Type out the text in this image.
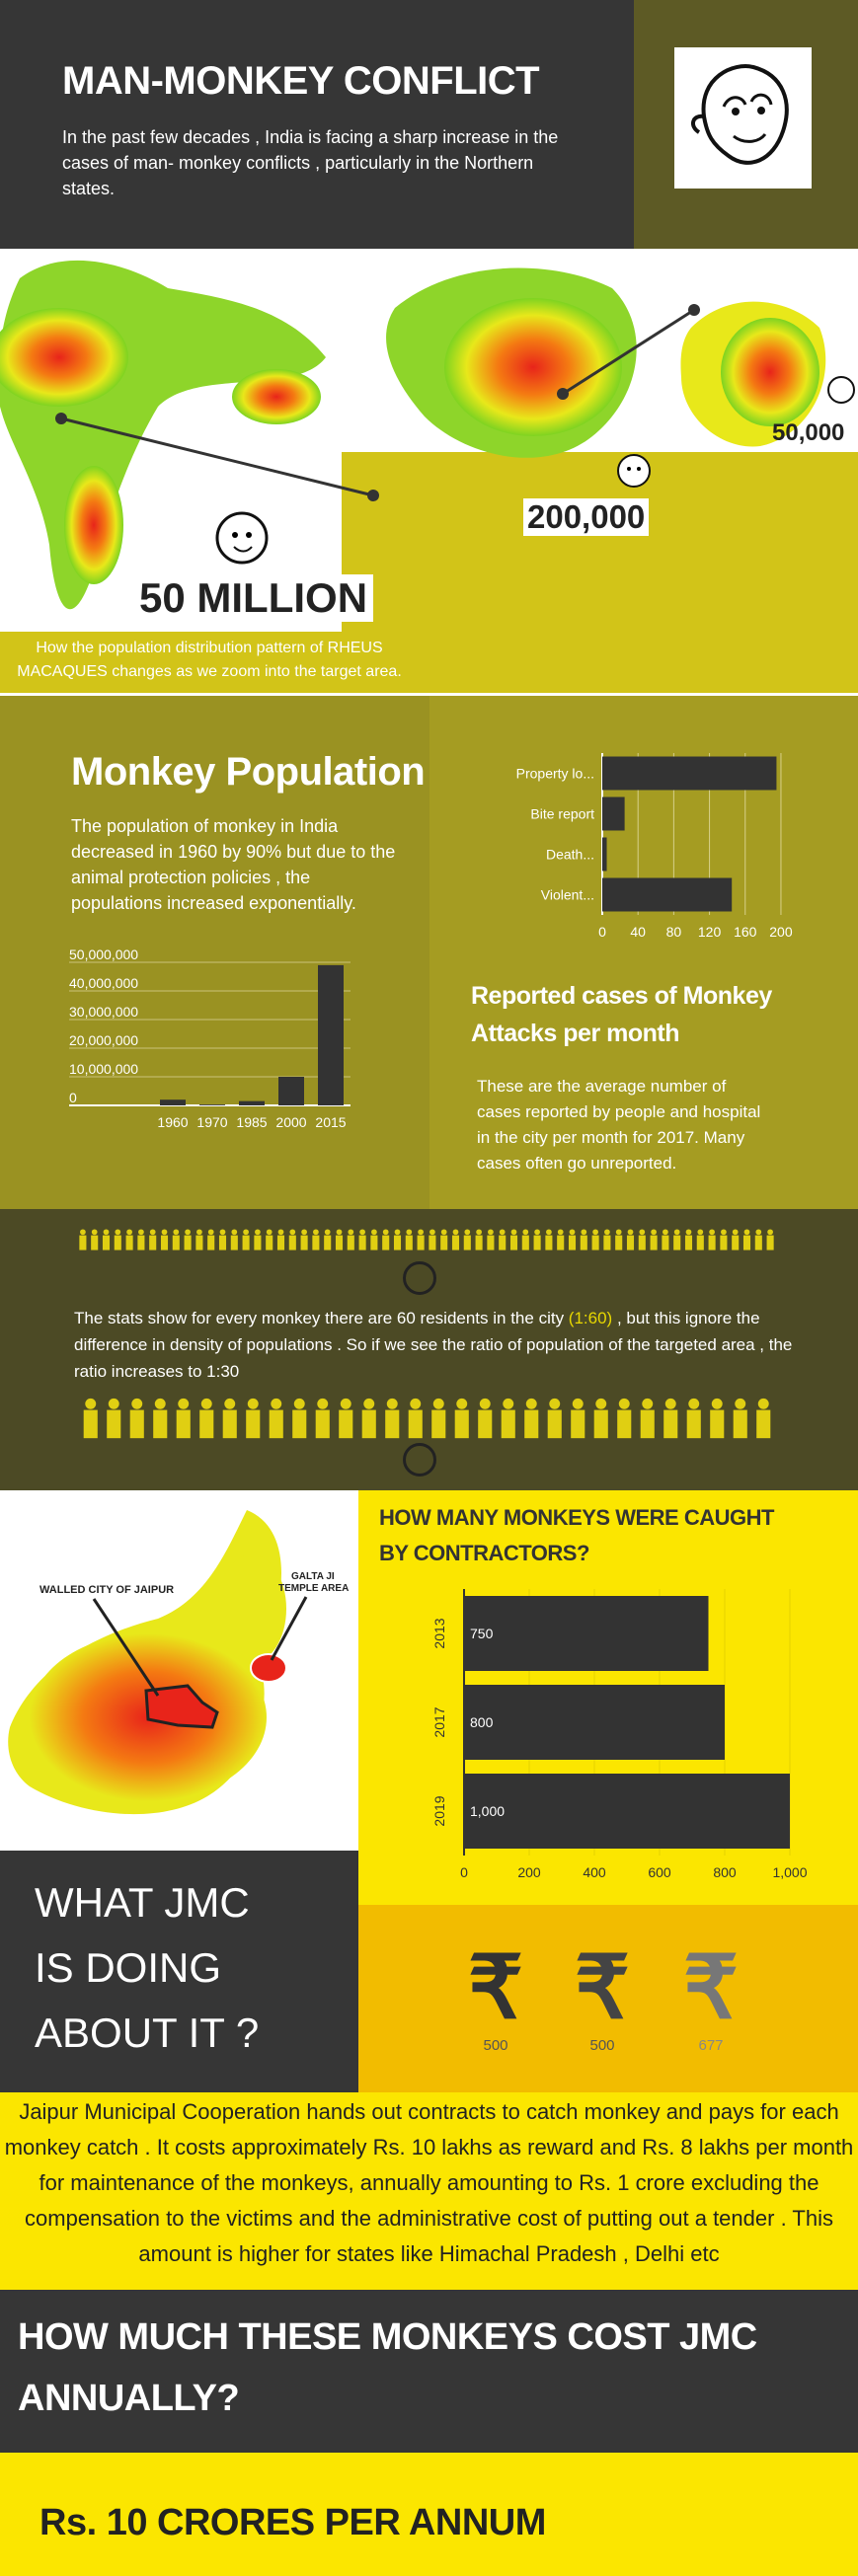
MAN-MONKEY CONFLICT
In the past few decades , India is facing a sharp increase in the cases of man- monkey conflicts , particularly in the Northern states.
50 MILLION
200,000
50,000
How the population distribution pattern of RHEUS MACAQUES changes as we zoom into the target area.
Monkey Population
The population of monkey in India decreased in 1960 by 90% but due to the animal protection policies , the populations increased exponentially.
0
10,000,000
20,000,000
30,000,000
40,000,000
50,000,000
1960 1970 1985 2000 2015
0 40 80 120 160 200
Property lo...
Bite report
Death...
Violent...
Reported cases of Monkey Attacks per month
These are the average number of cases reported by people and hospital in the city per month for 2017. Many cases often go unreported.
The stats show for every monkey there are 60 residents in the city (1:60) , but this ignore the difference in density of populations . So if we see the ratio of population of the targeted area , the ratio increases to 1:30
WALLED CITY OF JAIPUR
GALTA JI
TEMPLE AREA
HOW MANY MONKEYS WERE CAUGHT BY CONTRACTORS?
0	200	400	600	800	1,000
750
2013
800
2017
1,000
2019
WHAT JMC
IS DOING
ABOUT IT ?	₹ ₹ ₹
500	500	677
Jaipur Municipal Cooperation hands out contracts to catch monkey and pays for each monkey catch . It costs approximately Rs. 10 lakhs as reward and Rs. 8 lakhs per month for maintenance of the monkeys, annually amounting to Rs. 1 crore excluding the compensation to the victims and the administrative cost of putting out a tender . This amount is higher for states like Himachal Pradesh , Delhi etc
HOW MUCH THESE MONKEYS COST JMC ANNUALLY?
Rs. 10 CRORES PER ANNUM
